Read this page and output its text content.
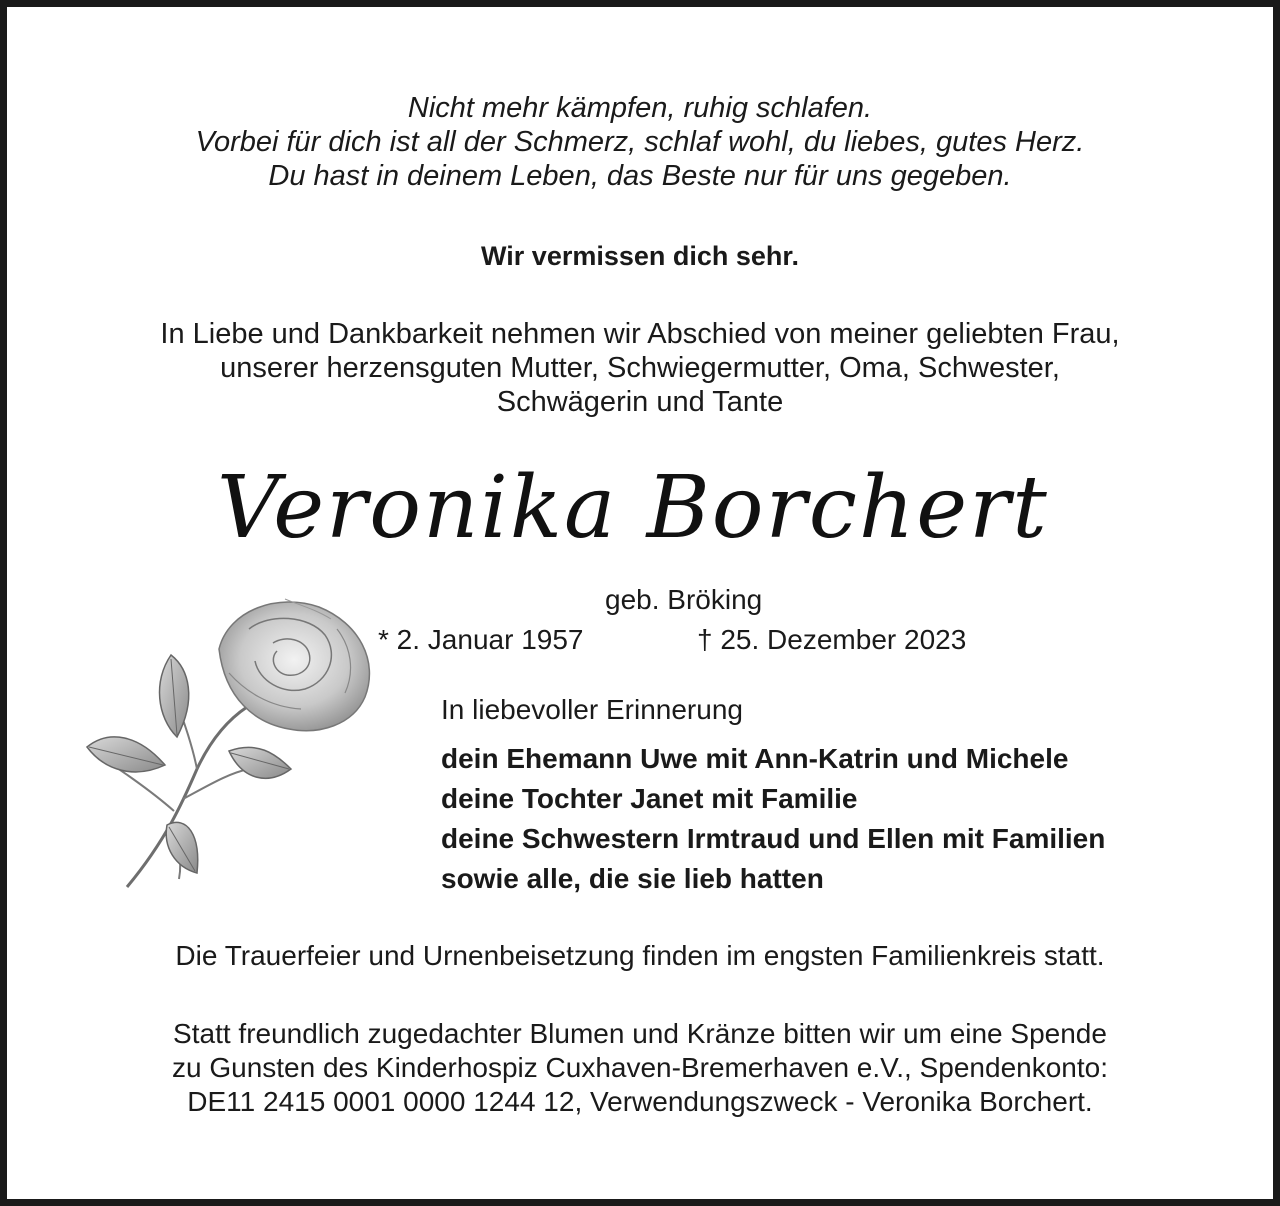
Nicht mehr kämpfen, ruhig schlafen.
Vorbei für dich ist all der Schmerz, schlaf wohl, du liebes, gutes Herz.
Du hast in deinem Leben, das Beste nur für uns gegeben.
Wir vermissen dich sehr.
In Liebe und Dankbarkeit nehmen wir Abschied von meiner geliebten Frau,
unserer herzensguten Mutter, Schwiegermutter, Oma, Schwester,
Schwägerin und Tante
Veronika Borchert
geb. Bröking
* 2. Januar 1957	† 25. Dezember 2023
In liebevoller Erinnerung
dein Ehemann Uwe mit Ann-Katrin und Michele
deine Tochter Janet mit Familie
deine Schwestern Irmtraud und Ellen mit Familien
sowie alle, die sie lieb hatten
Die Trauerfeier und Urnenbeisetzung finden im engsten Familienkreis statt.
Statt freundlich zugedachter Blumen und Kränze bitten wir um eine Spende
zu Gunsten des Kinderhospiz Cuxhaven-Bremerhaven e.V., Spendenkonto:
DE11 2415 0001 0000 1244 12, Verwendungszweck - Veronika Borchert.
